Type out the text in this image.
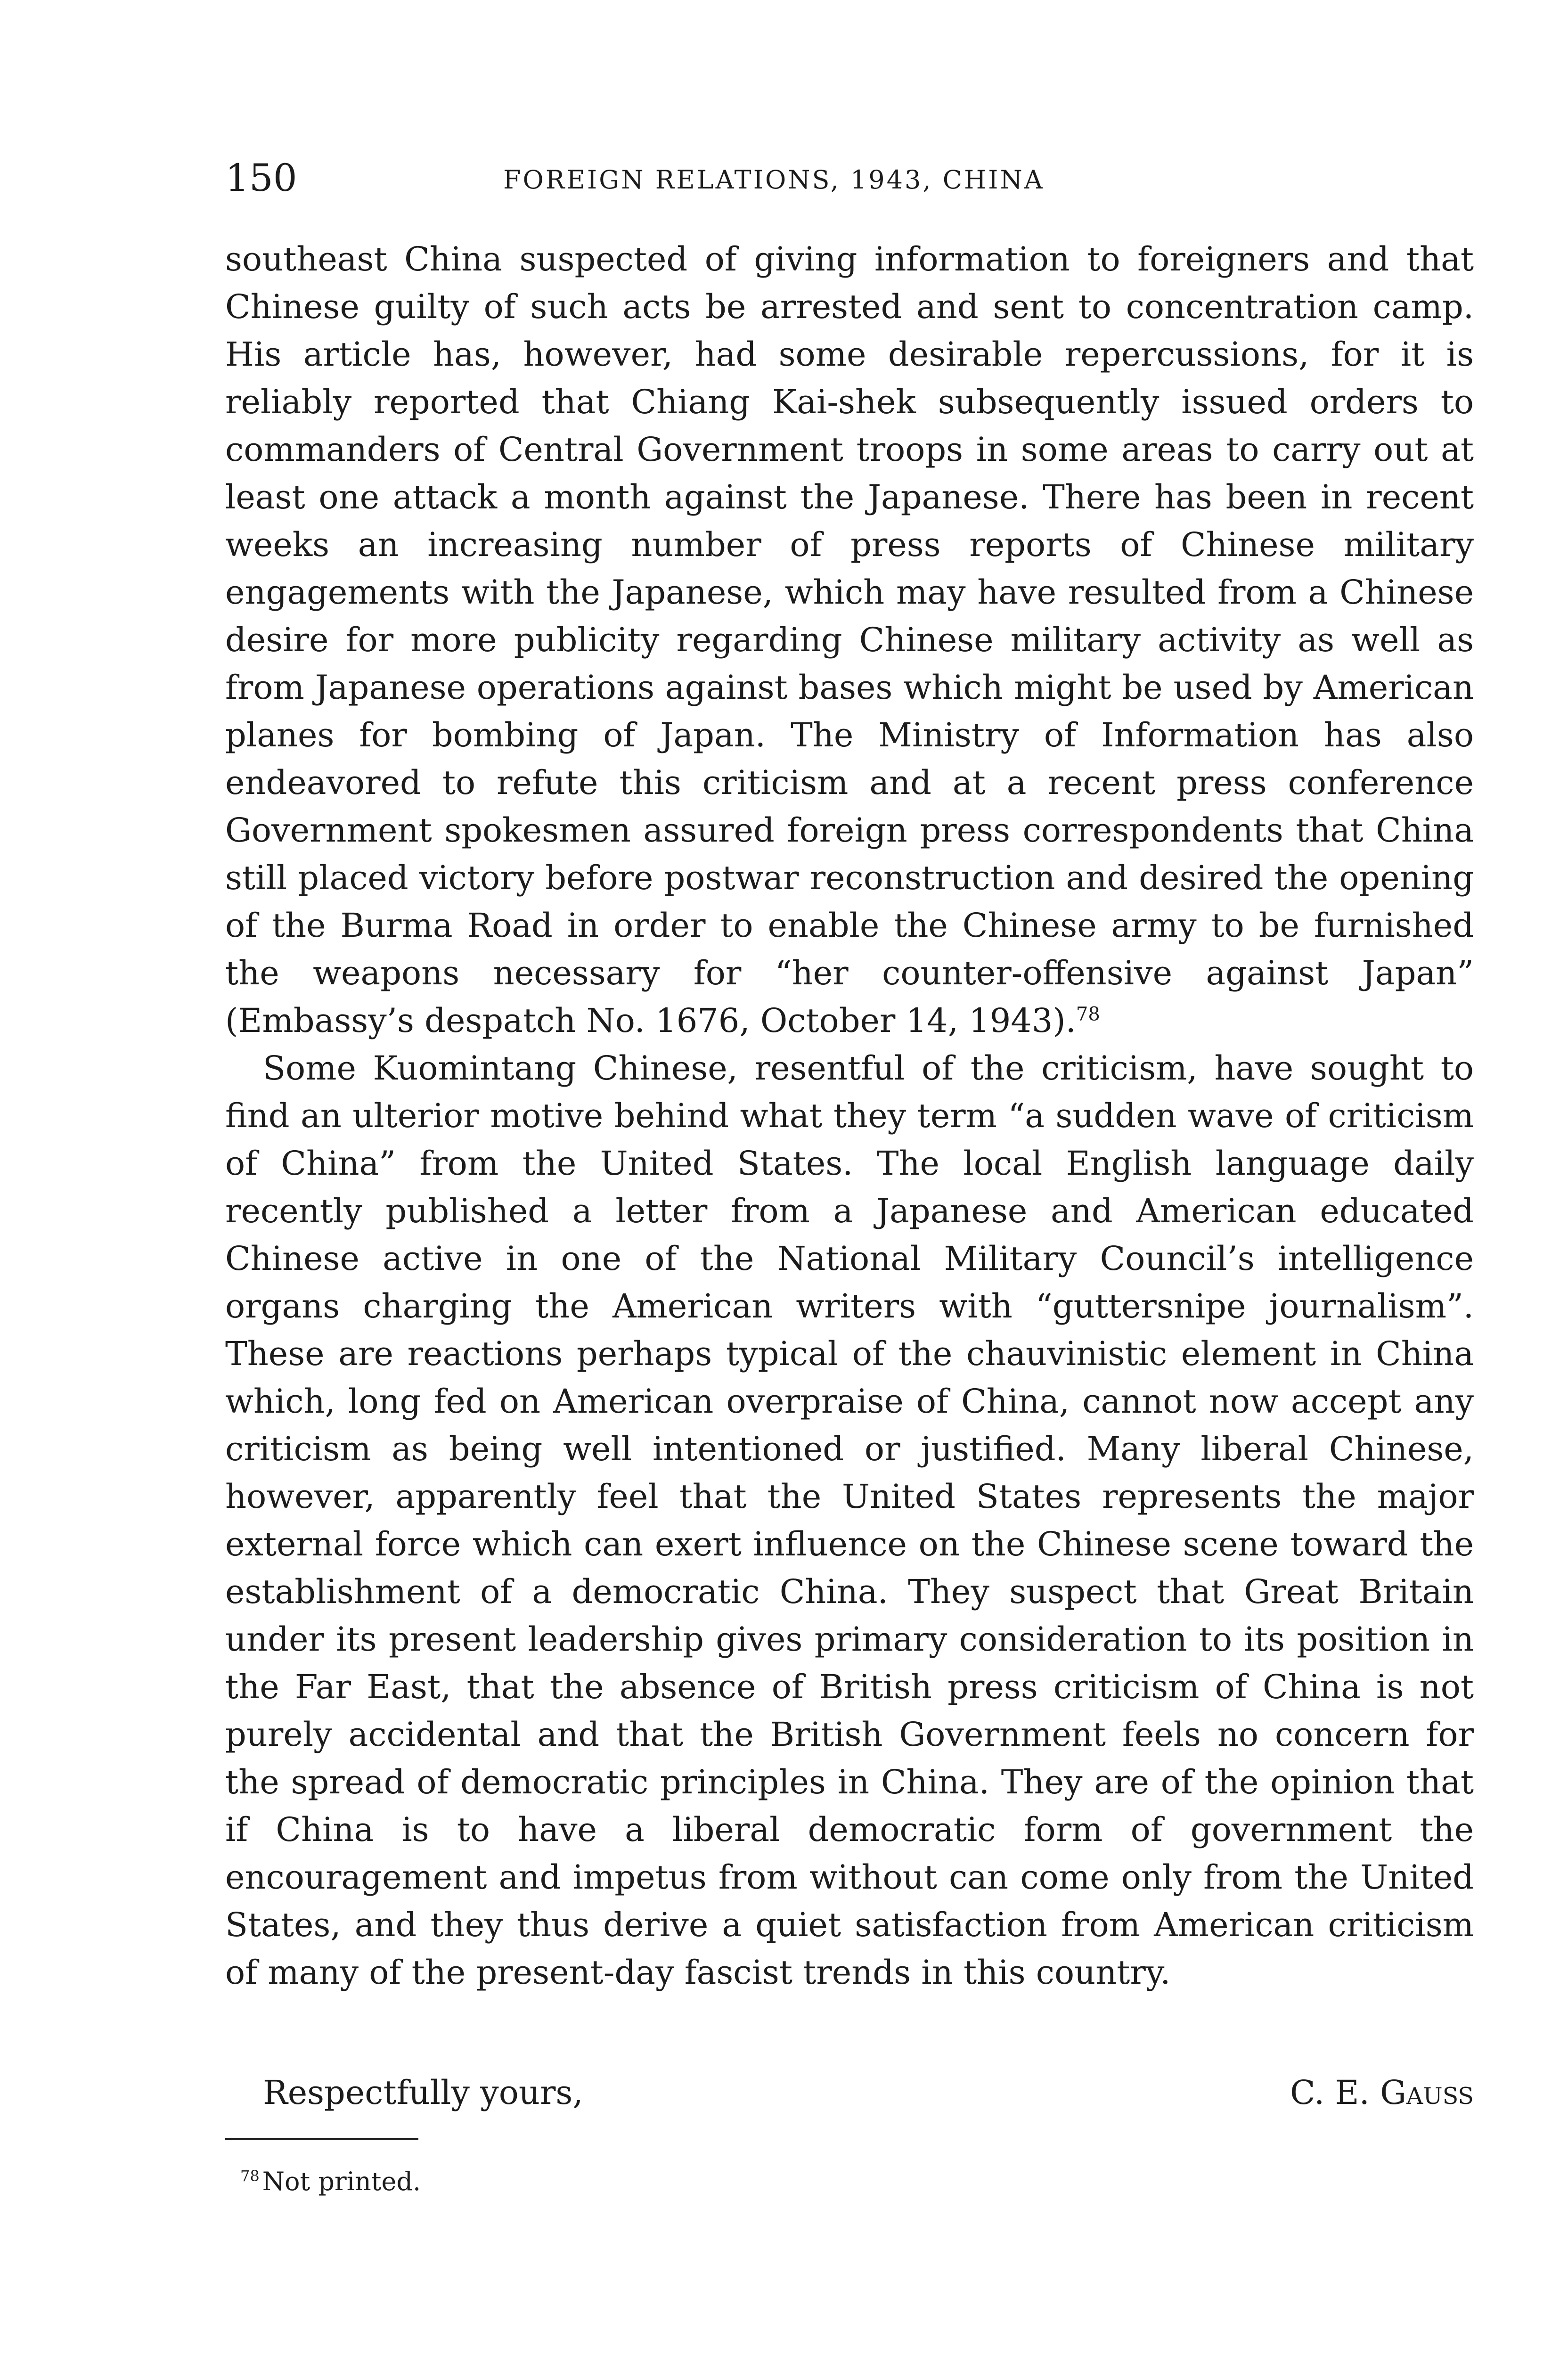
150	FOREIGN RELATIONS, 1943, CHINA

southeast China suspected of giving information to foreigners and that Chinese guilty of such acts be arrested and sent to concentration camp. His article has, however, had some desirable repercussions, for it is reliably reported that Chiang Kai-shek subsequently issued orders to commanders of Central Government troops in some areas to carry out at least one attack a month against the Japanese. There has been in recent weeks an increasing number of press reports of Chinese military engagements with the Japanese, which may have resulted from a Chinese desire for more publicity regarding Chinese military activity as well as from Japanese operations against bases which might be used by American planes for bombing of Japan. The Ministry of Information has also endeavored to refute this criticism and at a recent press conference Government spokesmen assured foreign press correspondents that China still placed victory before postwar reconstruction and desired the opening of the Burma Road in order to enable the Chinese army to be furnished the weapons necessary for “her counter-offensive against Japan” (Embassy’s despatch No. 1676, October 14, 1943).$^{78}$

Some Kuomintang Chinese, resentful of the criticism, have sought to find an ulterior motive behind what they term “a sudden wave of criticism of China” from the United States. The local English language daily recently published a letter from a Japanese and American educated Chinese active in one of the National Military Council’s intelligence organs charging the American writers with “guttersnipe journalism”. These are reactions perhaps typical of the chauvinistic element in China which, long fed on American overpraise of China, cannot now accept any criticism as being well intentioned or justified. Many liberal Chinese, however, apparently feel that the United States represents the major external force which can exert influence on the Chinese scene toward the establishment of a democratic China. They suspect that Great Britain under its present leadership gives primary consideration to its position in the Far East, that the absence of British press criticism of China is not purely accidental and that the British Government feels no concern for the spread of democratic principles in China. They are of the opinion that if China is to have a liberal democratic form of government the encouragement and impetus from without can come only from the United States, and they thus derive a quiet satisfaction from American criticism of many of the present-day fascist trends in this country.

Respectfully yours,	C. E. Gauss
$^{78}$ Not printed.
